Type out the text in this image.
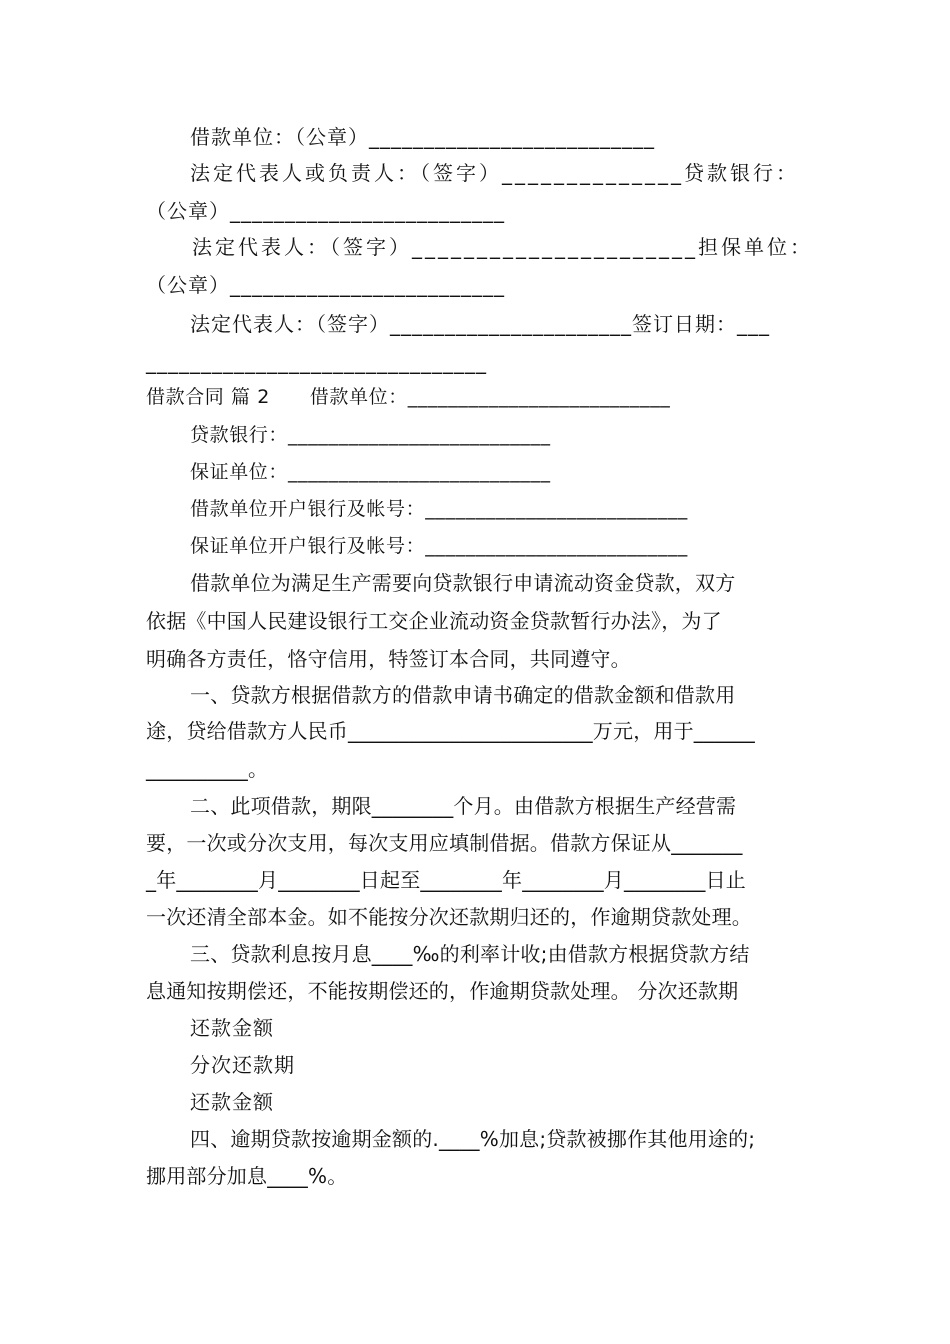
借款单位：（公章）__________________________
法定代表人或负责人：（签字）______________贷款银行：
（公章）_________________________
法定代表人：（签字）______________________担保单位：
（公章）_________________________
法定代表人：（签字）______________________签订日期：___
_______________________________
借款合同 篇 2      借款单位：__________________________
贷款银行：__________________________
保证单位：__________________________
借款单位开户银行及帐号：__________________________
保证单位开户银行及帐号：__________________________
借款单位为满足生产需要向贷款银行申请流动资金贷款，双方
依据《中国人民建设银行工交企业流动资金贷款暂行办法》，为了
明确各方责任，恪守信用，特签订本合同，共同遵守。
一、贷款方根据借款方的借款申请书确定的借款金额和借款用
途，贷给借款方人民币________________________万元，用于______
__________。
二、此项借款，期限________个月。由借款方根据生产经营需
要，一次或分次支用，每次支用应填制借据。借款方保证从_______
_年________月________日起至________年________月________日止
一次还清全部本金。如不能按分次还款期归还的，作逾期贷款处理。
三、贷款利息按月息____‰的利率计收;由借款方根据贷款方结
息通知按期偿还，不能按期偿还的，作逾期贷款处理。 分次还款期
还款金额
分次还款期
还款金额
四、逾期贷款按逾期金额的.____%加息;贷款被挪作其他用途的;
挪用部分加息____%。
